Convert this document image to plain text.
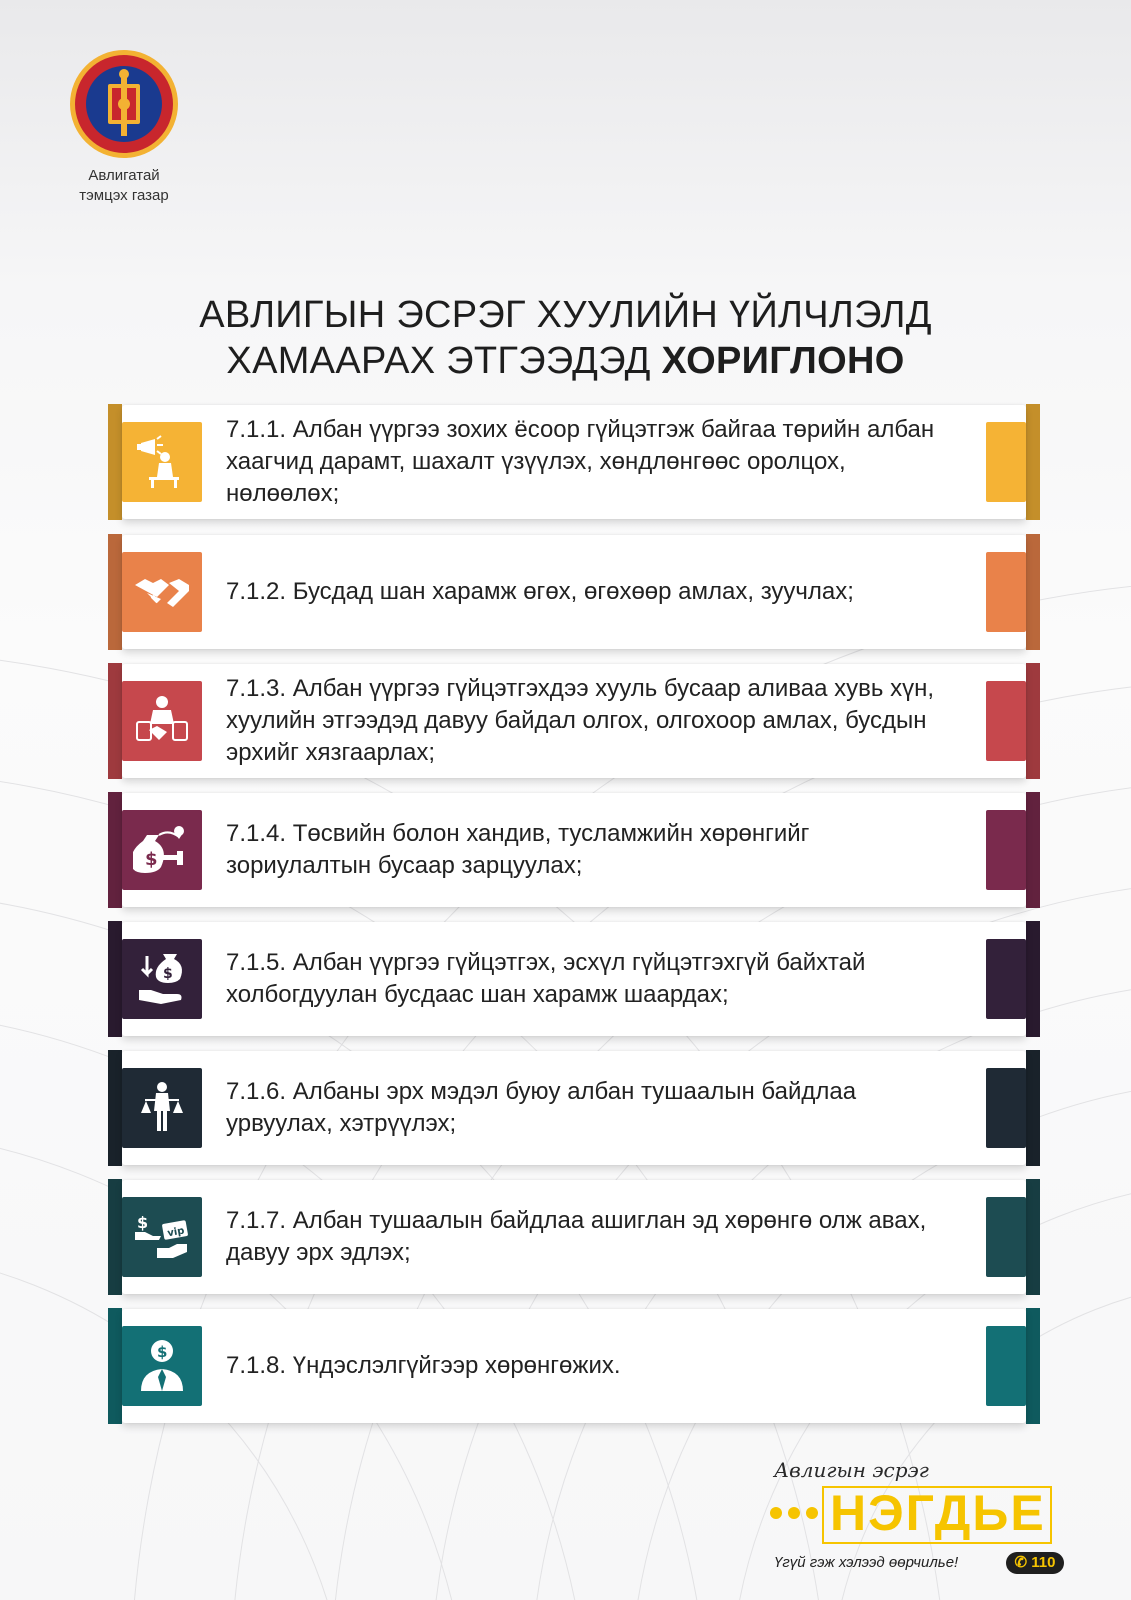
Авлигатай
тэмцэх газар
АВЛИГЫН ЭСРЭГ ХУУЛИЙН ҮЙЛЧЛЭЛД
ХАМААРАХ ЭТГЭЭДЭД ХОРИГЛОНО
7.1.1. Албан үүргээ зохих ёсоор гүйцэтгэж байгаа төрийн албан хаагчид дарамт, шахалт үзүүлэх, хөндлөнгөөс оролцох, нөлөөлөх;
7.1.2. Бусдад шан харамж өгөх, өгөхөөр амлах, зуучлах;
7.1.3. Албан үүргээ гүйцэтгэхдээ хууль бусаар аливаа хувь хүн, хуулийн этгээдэд давуу байдал олгох, олгохоор амлах, бусдын эрхийг хязгаарлах;
$
7.1.4. Төсвийн болон хандив, тусламжийн хөрөнгийг зориулалтын бусаар зарцуулах;
$ 7.1.5. Албан үүргээ гүйцэтгэх, эсхүл гүйцэтгэхгүй байхтай холбогдуулан бусдаас шан харамж шаардах;
7.1.6. Албаны эрх мэдэл буюу албан тушаалын байдлаа урвуулах, хэтрүүлэх;
$
vip 7.1.7. Албан тушаалын байдлаа ашиглан эд хөрөнгө олж авах, давуу эрх эдлэх;
$ 7.1.8. Үндэслэлгүйгээр хөрөнгөжих.
Авлигын эсрэг
НЭГДЬЕ
Үгүй гэж хэлээд өөрчилье!	✆ 110
